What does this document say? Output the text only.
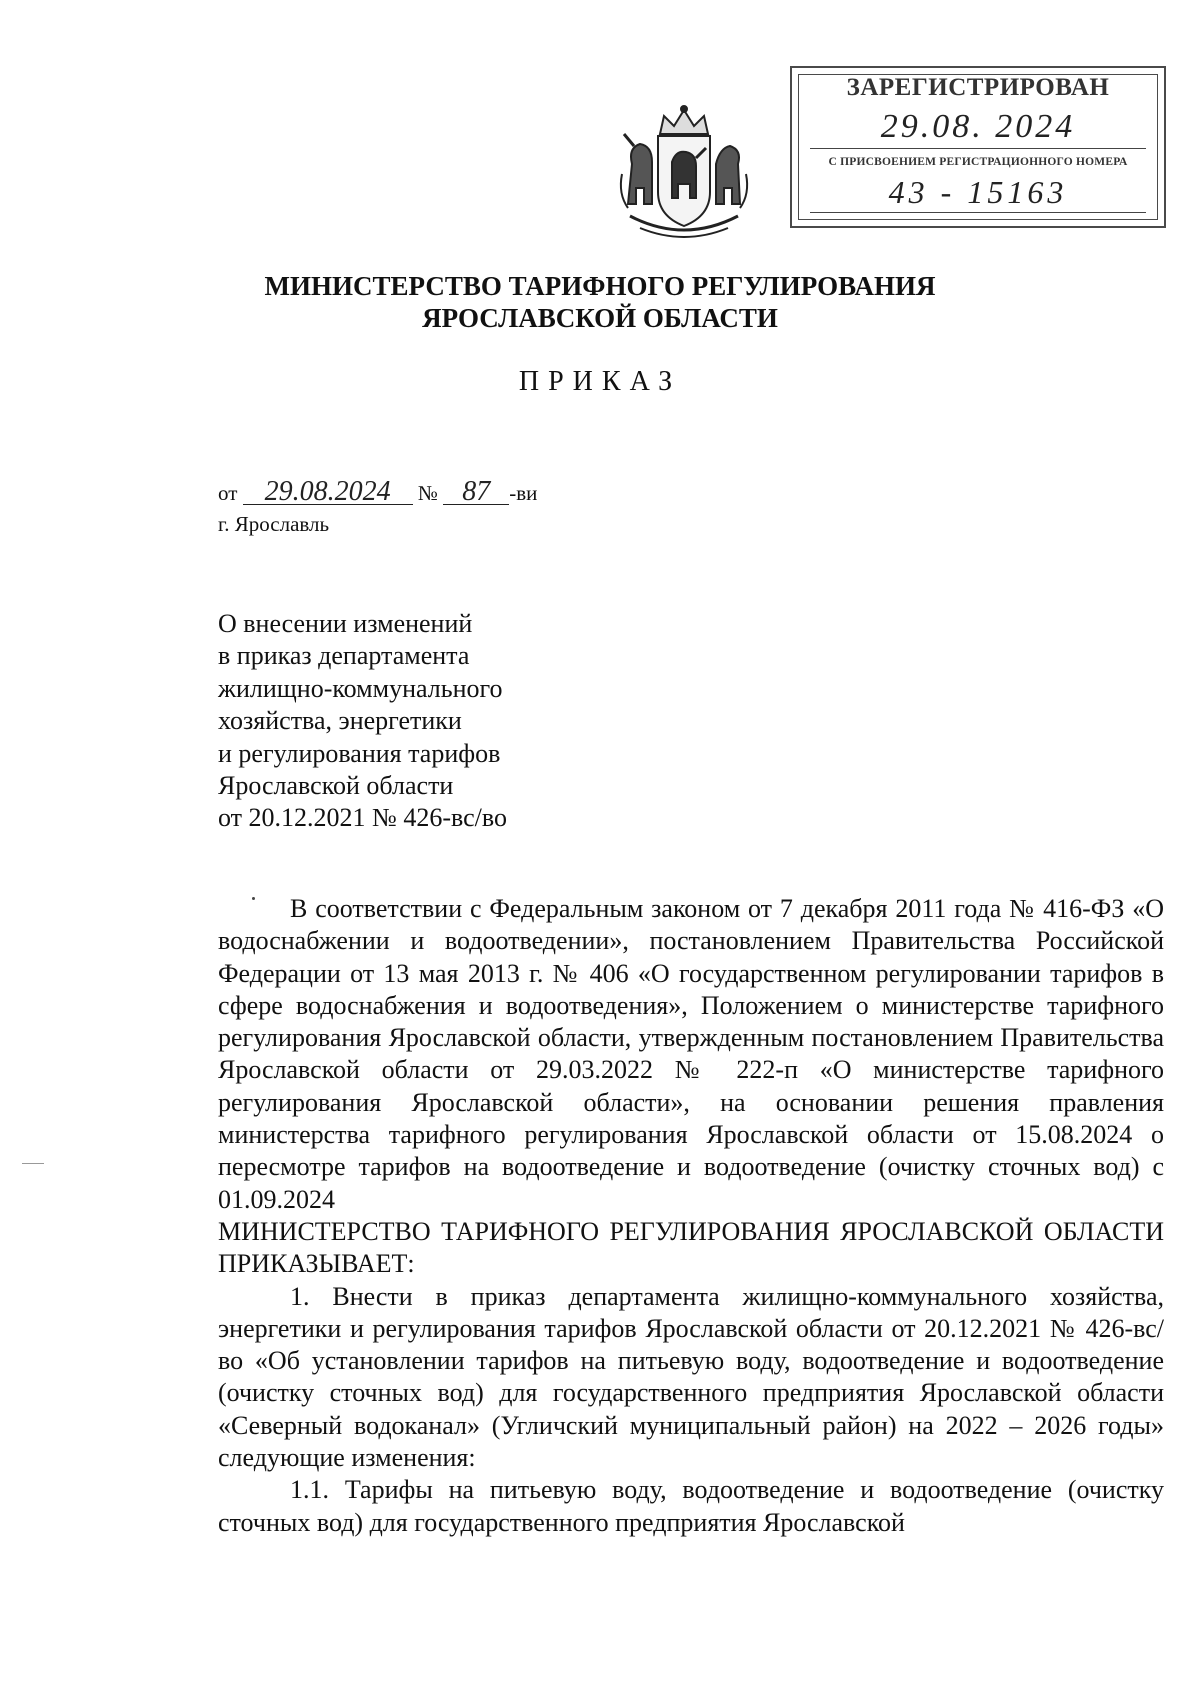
ЗАРЕГИСТРИРОВАН
29.08. 2024
С ПРИСВОЕНИЕМ РЕГИСТРАЦИОННОГО НОМЕРА
43 - 15163
МИНИСТЕРСТВО ТАРИФНОГО РЕГУЛИРОВАНИЯ
ЯРОСЛАВСКОЙ ОБЛАСТИ
ПРИКАЗ
от 29.08.2024 № 87 -ви
г. Ярославль
О внесении изменений
в приказ департамента
жилищно-коммунального
хозяйства, энергетики
и регулирования тарифов
Ярославской области
от 20.12.2021 № 426-вс/во

В соответствии с Федеральным законом от 7 декабря 2011 года № 416-ФЗ «О водоснабжении и водоотведении», постановлением Правительства Российской Федерации от 13 мая 2013 г. № 406 «О государственном регулировании тарифов в сфере водоснабжения и водоотведения», Положением о министерстве тарифного регулирования Ярославской области, утвержденным постановлением Правительства Ярославской области от 29.03.2022 № 222-п «О министерстве тарифного регулирования Ярославской области», на основании решения правления министерства тарифного регулирования Ярославской области от 15.08.2024 о пересмотре тарифов на водоотведение и водоотведение (очистку сточных вод) с 01.09.2024

МИНИСТЕРСТВО ТАРИФНОГО РЕГУЛИРОВАНИЯ ЯРОСЛАВСКОЙ ОБЛАСТИ ПРИКАЗЫВАЕТ:

1. Внести в приказ департамента жилищно-коммунального хозяйства, энергетики и регулирования тарифов Ярославской области от 20.12.2021 № 426-вс/во «Об установлении тарифов на питьевую воду, водоотведение и водоотведение (очистку сточных вод) для государственного предприятия Ярославской области «Северный водоканал» (Угличский муниципальный район) на 2022 – 2026 годы» следующие изменения:

1.1. Тарифы на питьевую воду, водоотведение и водоотведение (очистку сточных вод) для государственного предприятия Ярославской
